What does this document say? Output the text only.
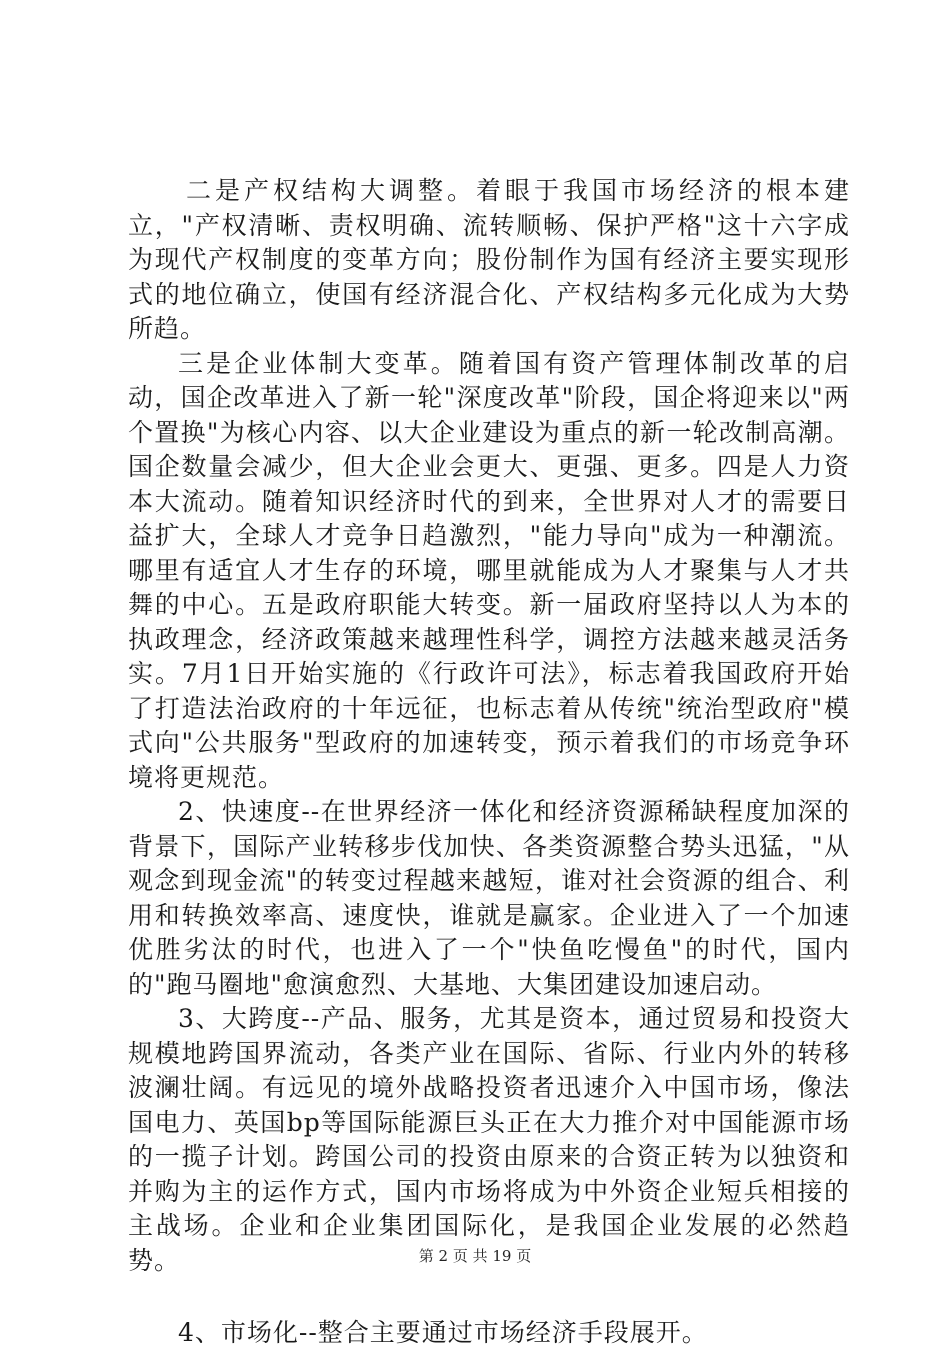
二是产权结构大调整。着眼于我国市场经济的根本建立，"产权清晰、责权明确、流转顺畅、保护严格"这十六字成为现代产权制度的变革方向；股份制作为国有经济主要实现形式的地位确立，使国有经济混合化、产权结构多元化成为大势所趋。

三是企业体制大变革。随着国有资产管理体制改革的启动，国企改革进入了新一轮"深度改革"阶段，国企将迎来以"两个置换"为核心内容、以大企业建设为重点的新一轮改制高潮。国企数量会减少，但大企业会更大、更强、更多。四是人力资本大流动。随着知识经济时代的到来，全世界对人才的需要日益扩大，全球人才竞争日趋激烈，"能力导向"成为一种潮流。哪里有适宜人才生存的环境，哪里就能成为人才聚集与人才共舞的中心。五是政府职能大转变。新一届政府坚持以人为本的执政理念，经济政策越来越理性科学，调控方法越来越灵活务实。7月1日开始实施的《行政许可法》，标志着我国政府开始了打造法治政府的十年远征，也标志着从传统"统治型政府"模式向"公共服务"型政府的加速转变，预示着我们的市场竞争环境将更规范。

2、快速度--在世界经济一体化和经济资源稀缺程度加深的背景下，国际产业转移步伐加快、各类资源整合势头迅猛，"从观念到现金流"的转变过程越来越短，谁对社会资源的组合、利用和转换效率高、速度快，谁就是赢家。企业进入了一个加速优胜劣汰的时代，也进入了一个"快鱼吃慢鱼"的时代，国内的"跑马圈地"愈演愈烈、大基地、大集团建设加速启动。

3、大跨度--产品、服务，尤其是资本，通过贸易和投资大规模地跨国界流动，各类产业在国际、省际、行业内外的转移波澜壮阔。有远见的境外战略投资者迅速介入中国市场，像法国电力、英国bp等国际能源巨头正在大力推介对中国能源市场的一揽子计划。跨国公司的投资由原来的合资正转为以独资和并购为主的运作方式，国内市场将成为中外资企业短兵相接的主战场。企业和企业集团国际化，是我国企业发展的必然趋势。

4、市场化--整合主要通过市场经济手段展开。

第 2 页 共 19 页
